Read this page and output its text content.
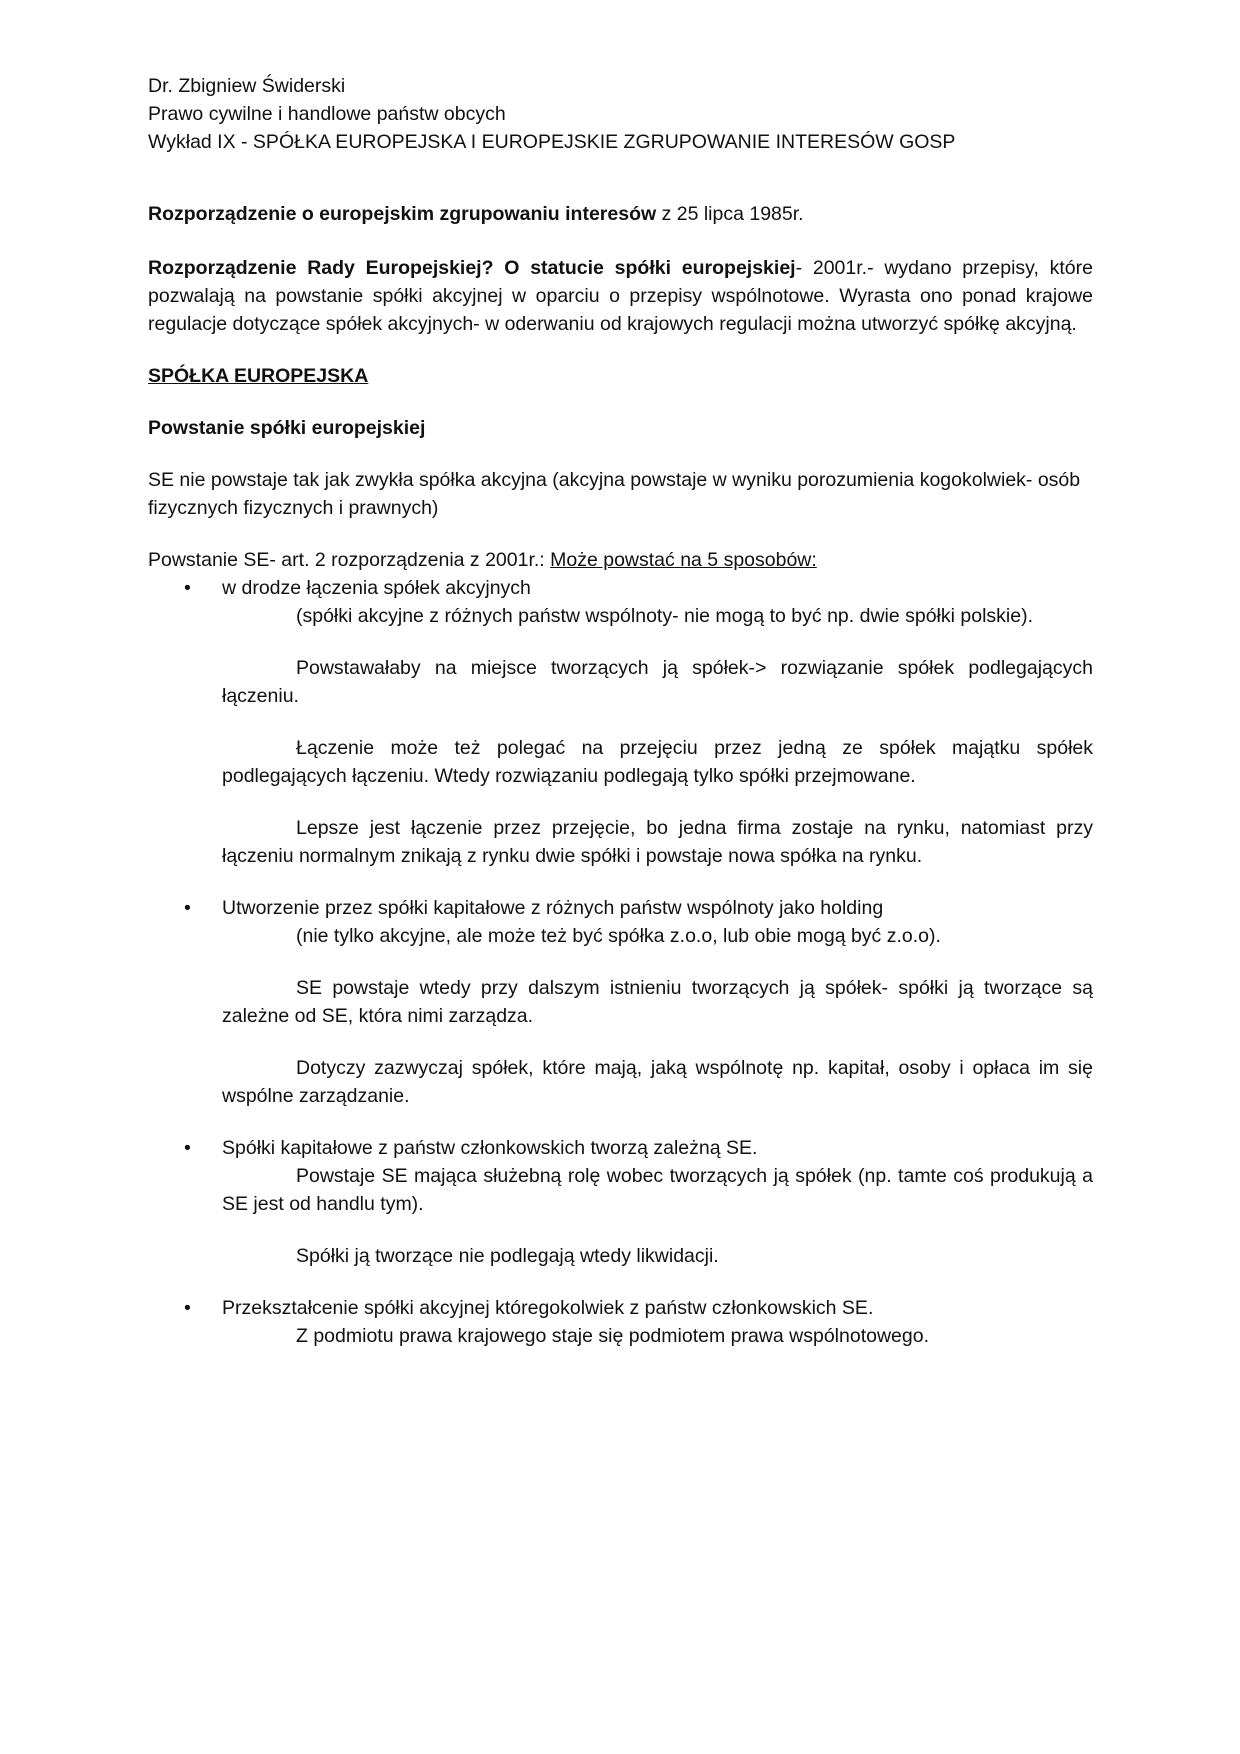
Dr. Zbigniew Świderski

Prawo cywilne i handlowe państw obcych

Wykład IX - SPÓŁKA EUROPEJSKA I EUROPEJSKIE ZGRUPOWANIE INTERESÓW GOSP

Rozporządzenie o europejskim zgrupowaniu interesów z 25 lipca 1985r.

Rozporządzenie Rady Europejskiej? O statucie spółki europejskiej- 2001r.- wydano przepisy, które pozwalają na powstanie spółki akcyjnej w oparciu o przepisy wspólnotowe. Wyrasta ono ponad krajowe regulacje dotyczące spółek akcyjnych- w oderwaniu od krajowych regulacji można utworzyć spółkę akcyjną.

SPÓŁKA EUROPEJSKA

Powstanie spółki europejskiej

SE nie powstaje tak jak zwykła spółka akcyjna (akcyjna powstaje w wyniku porozumienia kogokolwiek- osób fizycznych fizycznych i prawnych)

Powstanie SE- art. 2 rozporządzenia z 2001r.: Może powstać na 5 sposobów:

• w drodze łączenia spółek akcyjnych

(spółki akcyjne z różnych państw wspólnoty- nie mogą to być np. dwie spółki polskie).

Powstawałaby na miejsce tworzących ją spółek-> rozwiązanie spółek podlegających łączeniu.

Łączenie może też polegać na przejęciu przez jedną ze spółek majątku spółek podlegających łączeniu. Wtedy rozwiązaniu podlegają tylko spółki przejmowane.

Lepsze jest łączenie przez przejęcie, bo jedna firma zostaje na rynku, natomiast przy łączeniu normalnym znikają z rynku dwie spółki i powstaje nowa spółka na rynku.

• Utworzenie przez spółki kapitałowe z różnych państw wspólnoty jako holding

(nie tylko akcyjne, ale może też być spółka z.o.o, lub obie mogą być z.o.o).

SE powstaje wtedy przy dalszym istnieniu tworzących ją spółek- spółki ją tworzące są zależne od SE, która nimi zarządza.

Dotyczy zazwyczaj spółek, które mają, jaką wspólnotę np. kapitał, osoby i opłaca im się wspólne zarządzanie.

• Spółki kapitałowe z państw członkowskich tworzą zależną SE.

Powstaje SE mająca służebną rolę wobec tworzących ją spółek (np. tamte coś produkują a SE jest od handlu tym).

Spółki ją tworzące nie podlegają wtedy likwidacji.

• Przekształcenie spółki akcyjnej któregokolwiek z państw członkowskich SE.

Z podmiotu prawa krajowego staje się podmiotem prawa wspólnotowego.
